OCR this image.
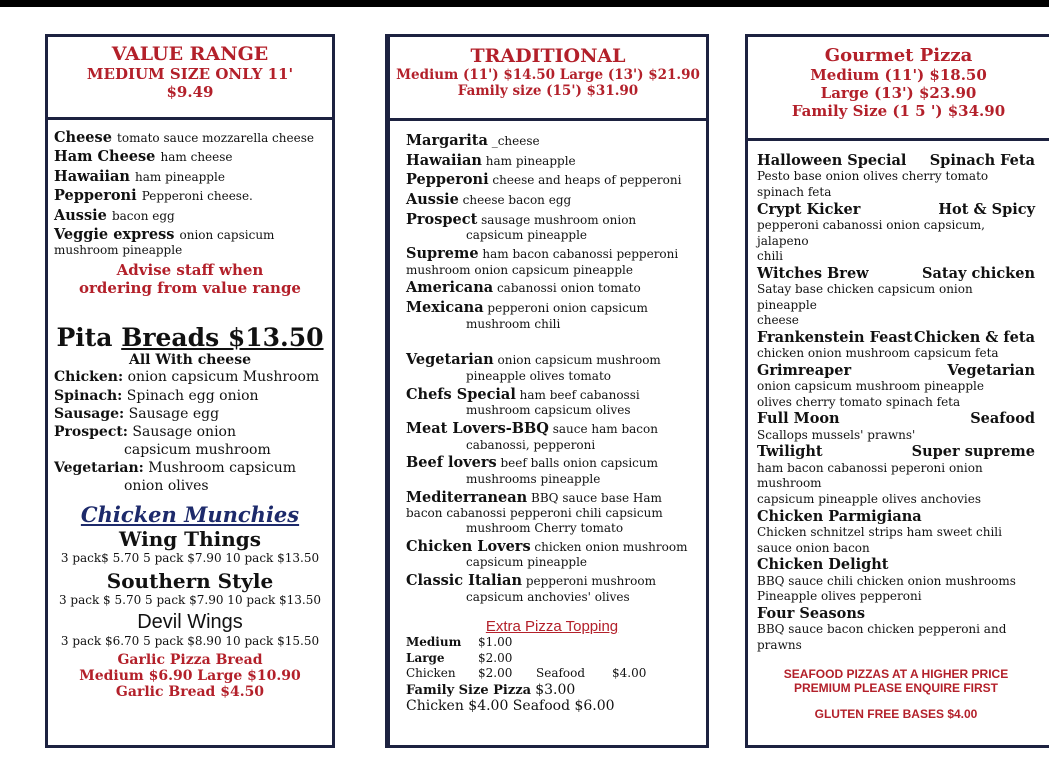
VALUE RANGE
MEDIUM SIZE ONLY 11'
$9.49
Cheese tomato sauce mozzarella cheese
Ham Cheese ham cheese
Hawaiian ham pineapple
Pepperoni Pepperoni cheese.
Aussie bacon egg
Veggie express onion capsicum
mushroom pineapple
Advise staff when
ordering from value range
Pita Breads $13.50
All With cheese
Chicken: onion capsicum Mushroom
Spinach: Spinach egg onion
Sausage: Sausage egg
Prospect: Sausage onion
capsicum mushroom
Vegetarian: Mushroom capsicum
onion olives
Chicken Munchies
Wing Things
3 pack$ 5.70 5 pack $7.90 10 pack $13.50
Southern Style
3 pack $ 5.70 5 pack $7.90 10 pack $13.50
Devil Wings
3 pack $6.70 5 pack $8.90 10 pack $15.50
Garlic Pizza Bread
Medium $6.90 Large $10.90
Garlic Bread $4.50
TRADITIONAL
Medium (11') $14.50 Large (13') $21.90
Family size (15') $31.90
Margarita _cheese
Hawaiian ham pineapple
Pepperoni cheese and heaps of pepperoni
Aussie cheese bacon egg
Prospect sausage mushroom onion
capsicum pineapple
Supreme ham bacon cabanossi pepperoni
mushroom onion capsicum pineapple
Americana cabanossi onion tomato
Mexicana pepperoni onion capsicum
mushroom chili
Vegetarian onion capsicum mushroom
pineapple olives tomato
Chefs Special ham beef cabanossi
mushroom capsicum olives
Meat Lovers-BBQ sauce ham bacon
cabanossi, pepperoni
Beef lovers beef balls onion capsicum
mushrooms pineapple
Mediterranean BBQ sauce base Ham
bacon cabanossi pepperoni chili capsicum
mushroom Cherry tomato
Chicken Lovers chicken onion mushroom
capsicum pineapple
Classic Italian pepperoni mushroom
capsicum anchovies' olives
Extra Pizza Topping
Medium	$1.00
Large	$2.00
Chicken	$2.00	Seafood	$4.00
Family Size Pizza $3.00
Chicken $4.00 Seafood $6.00
Gourmet Pizza
Medium (11') $18.50
Large (13') $23.90
Family Size (1 5 ') $34.90
Halloween Special Spinach Feta
Pesto base onion olives cherry tomato
spinach feta
Crypt Kicker	Hot & Spicy
pepperoni cabanossi onion capsicum, jalapeno
chili
Witches Brew	Satay chicken
Satay base chicken capsicum onion pineapple
cheese
Frankenstein Feast Chicken & feta
chicken onion mushroom capsicum feta
Grimreaper	Vegetarian
onion capsicum mushroom pineapple
olives cherry tomato spinach feta
Full Moon	Seafood
Scallops mussels' prawns'
Twilight	Super supreme
ham bacon cabanossi peperoni onion mushroom
capsicum pineapple olives anchovies
Chicken Parmigiana
Chicken schnitzel strips ham sweet chili
sauce onion bacon
Chicken Delight
BBQ sauce chili chicken onion mushrooms
Pineapple olives pepperoni
Four Seasons
BBQ sauce bacon chicken pepperoni and
prawns
SEAFOOD PIZZAS AT A HIGHER PRICE
PREMIUM PLEASE ENQUIRE FIRST
GLUTEN FREE BASES $4.00
